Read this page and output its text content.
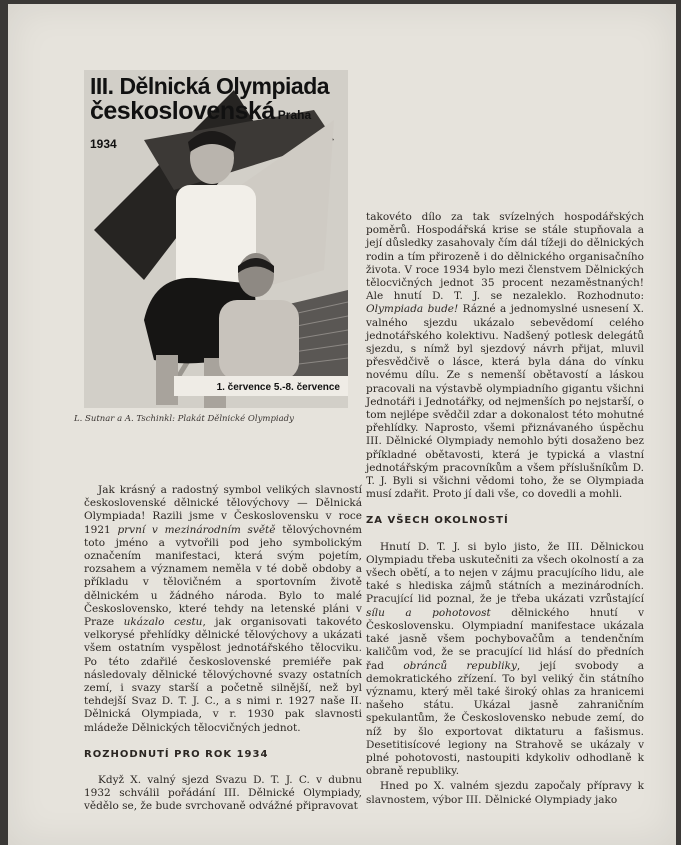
III. Dělnická Olympiada
československá Praha 1934
1. července 5.-8. července
L. Sutnar a A. Tschinkl: Plakát Dělnické Olympiady

takovéto dílo za tak svízelných hospodářských poměrů. Hospodářská krise se stále stupňovala a její důsledky zasahovaly čím dál tížeji do dělnických rodin a tím přirozeně i do dělnického organisačního života. V roce 1934 bylo mezi členstvem Dělnických tělocvičných jednot 35 procent nezaměstnaných! Ale hnutí D. T. J. se nezaleklo. Rozhodnuto: Olympiada bude! Rázné a jednomyslné usnesení X. valného sjezdu ukázalo sebevědomí celého jednotářského kolektivu. Nadšený potlesk delegátů sjezdu, s nímž byl sjezdový návrh přijat, mluvil přesvědčivě o lásce, která byla dána do vínku novému dílu. Ze s nemenší obětavostí a láskou pracovali na výstavbě olympiadního gigantu všichni Jednotáři i Jednotářky, od nejmenších po nejstarší, o tom nejlépe svědčil zdar a dokonalost této mohutné přehlídky. Naprosto, všemi přiznávaného úspěchu III. Dělnické Olympiady nemohlo býti dosaženo bez příkladné obětavosti, která je typická a vlastní jednotářským pracovníkům a všem příslušníkům D. T. J. Byli si všichni vědomi toho, že se Olympiada musí zdařit. Proto jí dali vše, co dovedli a mohli.

ZA VŠECH OKOLNOSTÍ

Hnutí D. T. J. si bylo jisto, že III. Dělnickou Olympiadu třeba uskutečniti za všech okolností a za všech obětí, a to nejen v zájmu pracujícího lidu, ale také s hlediska zájmů státních a mezinárodních. Pracující lid poznal, že je třeba ukázati vzrůstající sílu a pohotovost dělnického hnutí v Československu. Olympiadní manifestace ukázala také jasně všem pochybovačům a tendenčním kaličům vod, že se pracující lid hlásí do předních řad obránců republiky, její svobody a demokratického zřízení. To byl veliký čin státního významu, který měl také široký ohlas za hranicemi našeho státu. Ukázal jasně zahraničním spekulantům, že Československo nebude zemí, do níž by šlo exportovat diktaturu a fašismus. Desetitisícové legiony na Strahově se ukázaly v plné pohotovosti, nastoupiti kdykoliv odhodlaně k obraně republiky.

Hned po X. valném sjezdu započaly přípravy k slavnostem, výbor III. Dělnické Olympiady jako

Jak krásný a radostný symbol velikých slavností československé dělnické tělovýchovy — Dělnická Olympiada! Razili jsme v Československu v roce 1921 první v mezinárodním světě tělovýchovném toto jméno a vytvořili pod jeho symbolickým označením manifestaci, která svým pojetím, rozsahem a významem neměla v té době obdoby a příkladu v tělovičném a sportovním životě dělnickém u žádného národa. Bylo to malé Československo, které tehdy na letenské pláni v Praze ukázalo cestu, jak organisovati takovéto velkorysé přehlídky dělnické tělovýchovy a ukázati všem ostatním vyspělost jednotářského tělocviku. Po této zdařilé československé premiéře pak následovaly dělnické tělovýchovné svazy ostatních zemí, i svazy starší a početně silnější, než byl tehdejší Svaz D. T. J. C., a s nimi r. 1927 naše II. Dělnická Olympiada, v r. 1930 pak slavnosti mládeže Dělnických tělocvičných jednot.

ROZHODNUTÍ PRO ROK 1934

Když X. valný sjezd Svazu D. T. J. C. v dubnu 1932 schválil pořádání III. Dělnické Olympiady, vědělo se, že bude svrchovaně odvážné připravovat
